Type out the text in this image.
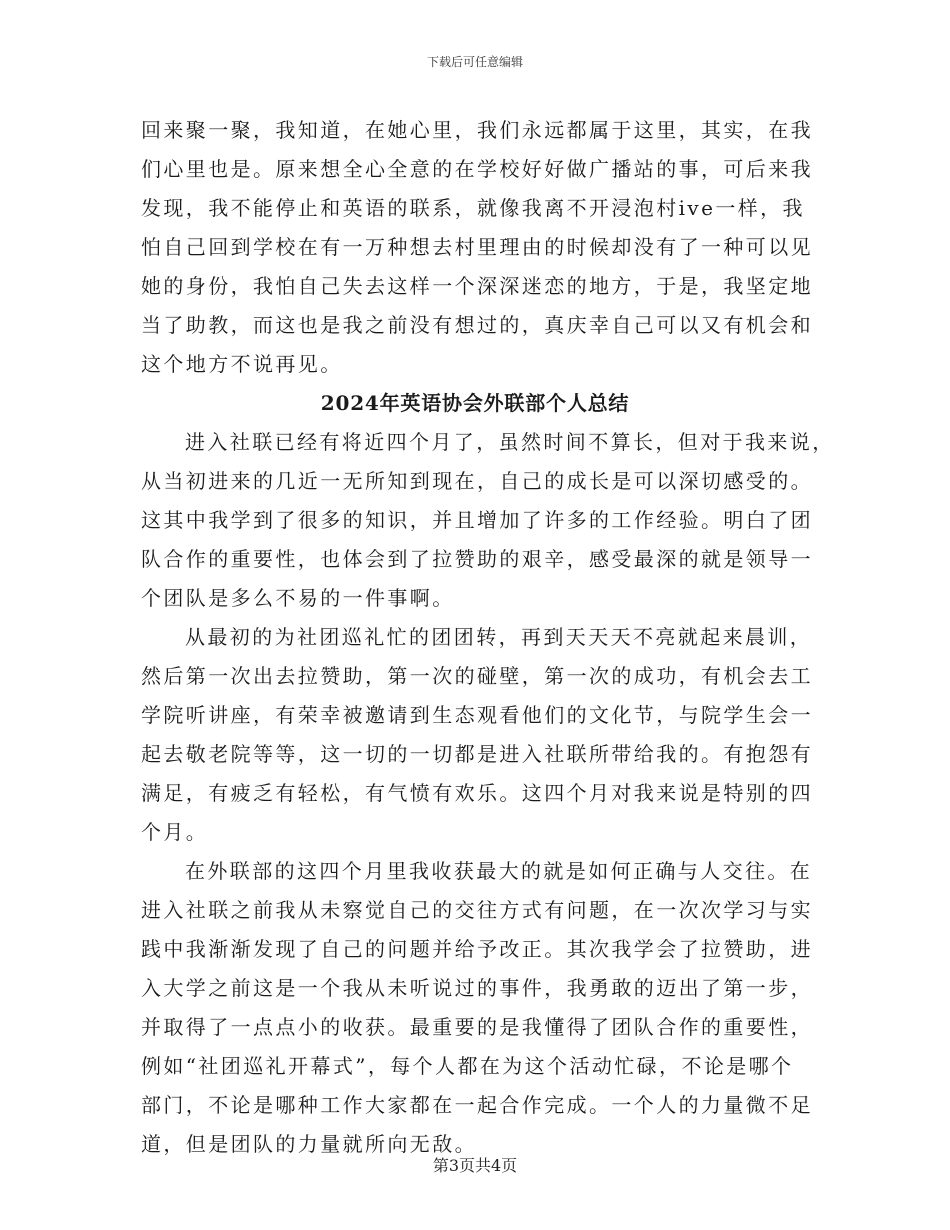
下载后可任意编辑
回来聚一聚，我知道，在她心里，我们永远都属于这里，其实，在我
们心里也是。原来想全心全意的在学校好好做广播站的事，可后来我
发现，我不能停止和英语的联系，就像我离不开浸泡村ive一样，我
怕自己回到学校在有一万种想去村里理由的时候却没有了一种可以见
她的身份，我怕自己失去这样一个深深迷恋的地方，于是，我坚定地
当了助教，而这也是我之前没有想过的，真庆幸自己可以又有机会和
这个地方不说再见。
2024年英语协会外联部个人总结
进入社联已经有将近四个月了，虽然时间不算长，但对于我来说，
从当初进来的几近一无所知到现在，自己的成长是可以深切感受的。
这其中我学到了很多的知识，并且增加了许多的工作经验。明白了团
队合作的重要性，也体会到了拉赞助的艰辛，感受最深的就是领导一
个团队是多么不易的一件事啊。
从最初的为社团巡礼忙的团团转，再到天天天不亮就起来晨训，
然后第一次出去拉赞助，第一次的碰壁，第一次的成功，有机会去工
学院听讲座，有荣幸被邀请到生态观看他们的文化节，与院学生会一
起去敬老院等等，这一切的一切都是进入社联所带给我的。有抱怨有
满足，有疲乏有轻松，有气愤有欢乐。这四个月对我来说是特别的四
个月。
在外联部的这四个月里我收获最大的就是如何正确与人交往。在
进入社联之前我从未察觉自己的交往方式有问题，在一次次学习与实
践中我渐渐发现了自己的问题并给予改正。其次我学会了拉赞助，进
入大学之前这是一个我从未听说过的事件，我勇敢的迈出了第一步，
并取得了一点点小的收获。最重要的是我懂得了团队合作的重要性，
例如“社团巡礼开幕式”，每个人都在为这个活动忙碌，不论是哪个
部门，不论是哪种工作大家都在一起合作完成。一个人的力量微不足
道，但是团队的力量就所向无敌。
第3页共4页
